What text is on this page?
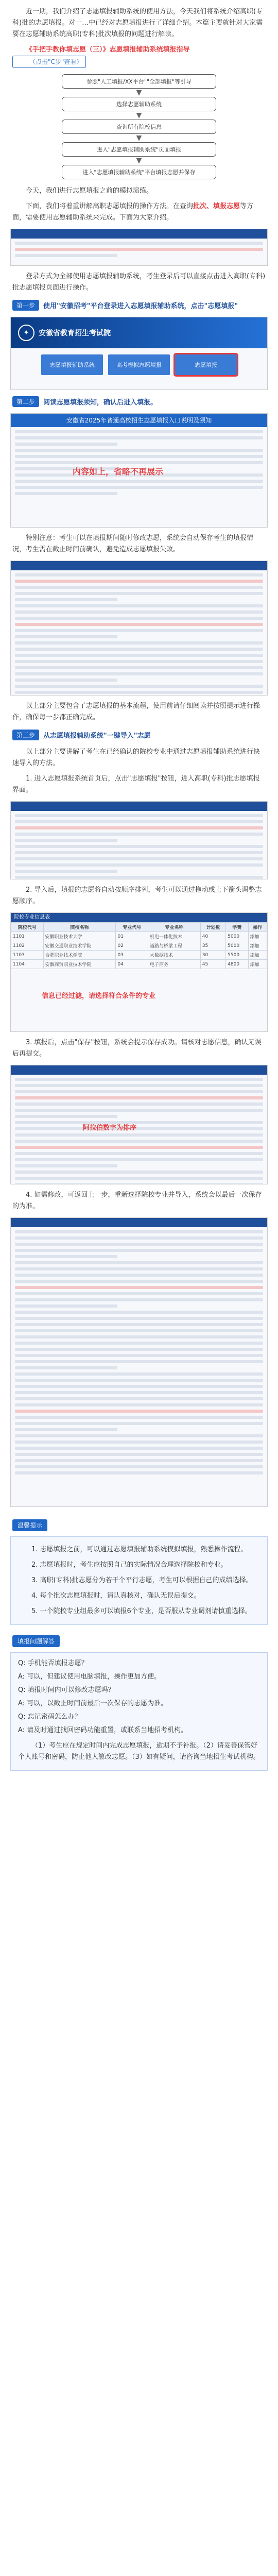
近一期，我们介绍了志愿填报辅助系统的使用方法，今天我们将系统介绍高职(专科)批的志愿填报。对一…中已经对志愿填报进行了详细介绍。本篇主要就针对大家需要在志愿辅助系统高职(专科)批次填报的问题进行解读。

《手把手教你填志愿（三）》志愿填报辅助系统填报指导 （点击"C步"查看）

参照"人工填报/XX平台""全部填报"等引导
▼
选择志愿辅助系统
▼
查询所有院校信息
▼
进入"志愿填报辅助系统"页面填报
▼
进入"志愿填报辅助系统"平台填报志愿并保存

今天，我们进行志愿填报之前的模拟演练。

下面，我们将着重讲解高职志愿填报的操作方法。在查询批次、填报志愿等方面，需要使用志愿辅助系统来完成。下面为大家介绍。

登录方式为全部使用志愿填报辅助系统，考生登录后可以直接点击进入高职(专科)批志愿填报页面进行操作。

第一步	使用"安徽招考"平台登录进入志愿填报辅助系统，点击"志愿填报"
✦	安徽省教育招生考试院
志愿填报辅助系统	高考模拟志愿填报	志愿填报
第二步	阅读志愿填报须知，确认后进入填报。
安徽省2025年普通高校招生志愿填报入口说明及须知
内容如上，省略不再展示

特别注意：考生可以在填报期间随时修改志愿，系统会自动保存考生的填报情况，考生需在截止时间前确认，避免造成志愿填报失败。

以上部分主要包含了志愿填报的基本流程，使用前请仔细阅读并按照提示进行操作，确保每一步都正确完成。

第三步	从志愿填报辅助系统"一键导入"志愿

以上部分主要讲解了考生在已经确认的院校专业中通过志愿填报辅助系统进行快速导入的方法。

1. 进入志愿填报系统首页后，点击"志愿填报"按钮，进入高职(专科)批志愿填报界面。

2. 导入后，填报的志愿将自动按顺序排列，考生可以通过拖动或上下箭头调整志愿顺序。

院校专业信息表
院校代号	院校名称	专业代号	专业名称	计划数	学费	操作
1101	安徽职业技术大学	01	机电一体化技术	40	5000	添加
1102	安徽交通职业技术学院	02	道路与桥梁工程	35	5000	添加
1103	合肥职业技术学院	03	大数据技术	30	5500	添加
1104	安徽商贸职业技术学院	04	电子商务	45	4800	添加
信息已经过滤，请选择符合条件的专业

3. 填报后，点击"保存"按钮，系统会提示保存成功。请核对志愿信息，确认无误后再提交。

阿拉伯数字为排序

4. 如需修改，可返回上一步，重新选择院校专业并导入，系统会以最后一次保存的为准。

温馨提示

1. 志愿填报之前，可以通过志愿填报辅助系统模拟填报，熟悉操作流程。

2. 志愿填报时，考生应按照自己的实际情况合理选择院校和专业。

3. 高职(专科)批志愿分为若干个平行志愿，考生可以根据自己的成绩选择。

4. 每个批次志愿填报时，请认真核对，确认无误后提交。

5. 一个院校专业组最多可以填报6个专业，是否服从专业调剂请慎重选择。

填报问题解答
Q: 手机能否填报志愿？
A: 可以，但建议使用电脑填报，操作更加方便。
Q: 填报时间内可以修改志愿吗？
A: 可以，以截止时间前最后一次保存的志愿为准。
Q: 忘记密码怎么办？
A: 请及时通过找回密码功能重置，或联系当地招考机构。

（1）考生应在规定时间内完成志愿填报，逾期不予补报。（2）请妥善保管好个人账号和密码，防止他人篡改志愿。（3）如有疑问，请咨询当地招生考试机构。
